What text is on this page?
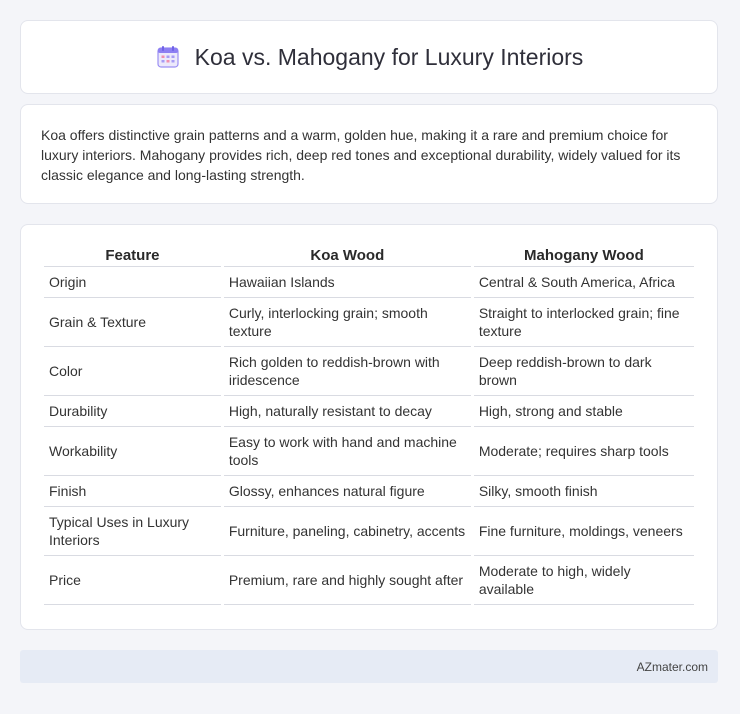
Koa vs. Mahogany for Luxury Interiors

Koa offers distinctive grain patterns and a warm, golden hue, making it a rare and premium choice for luxury interiors. Mahogany provides rich, deep red tones and exceptional durability, widely valued for its classic elegance and long-lasting strength.

Feature	Koa Wood	Mahogany Wood
Origin	Hawaiian Islands	Central & South America, Africa
Grain & Texture	Curly, interlocking grain; smooth texture	Straight to interlocked grain; fine texture
Color	Rich golden to reddish-brown with iridescence	Deep reddish-brown to dark brown
Durability	High, naturally resistant to decay	High, strong and stable
Workability	Easy to work with hand and machine tools	Moderate; requires sharp tools
Finish	Glossy, enhances natural figure	Silky, smooth finish
Typical Uses in Luxury Interiors	Furniture, paneling, cabinetry, accents	Fine furniture, moldings, veneers
Price	Premium, rare and highly sought after	Moderate to high, widely available
AZmater.com
